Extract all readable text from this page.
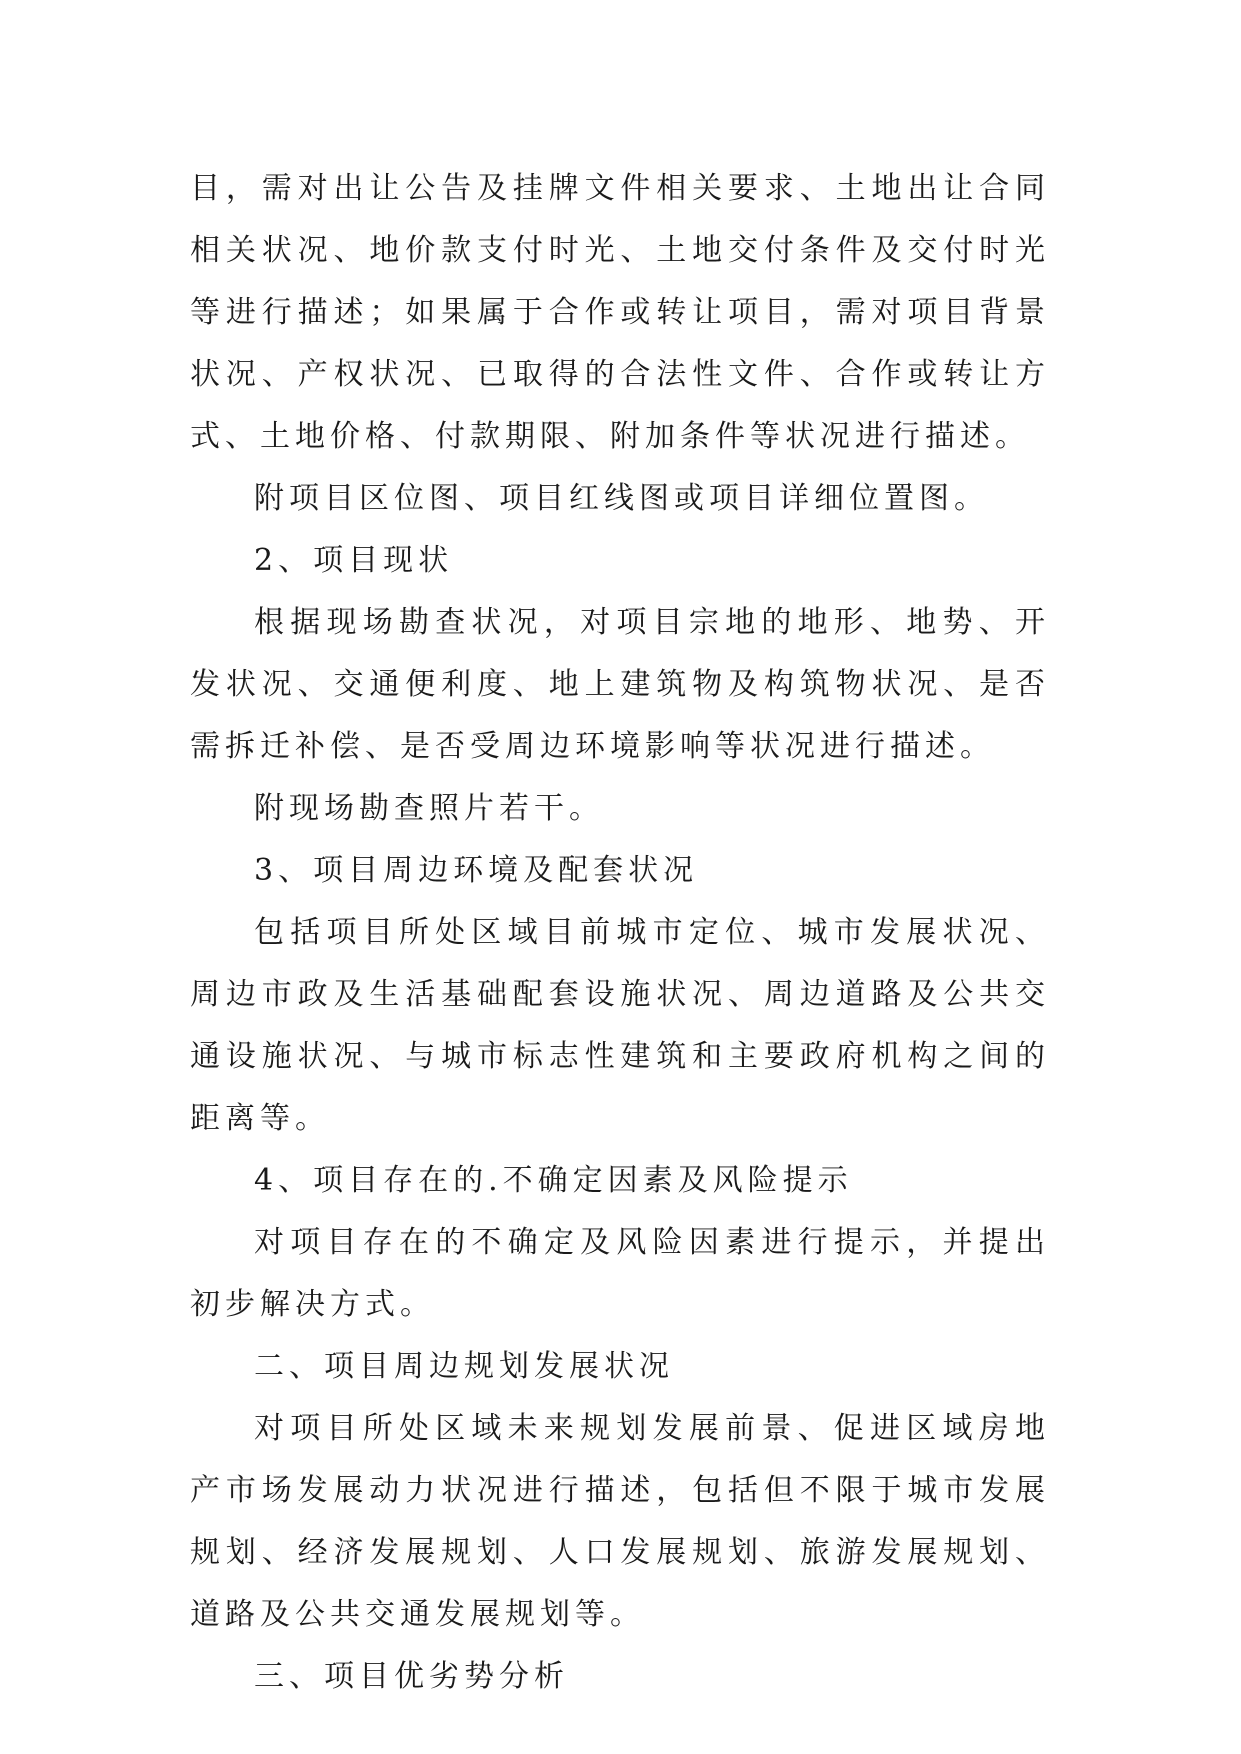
目，需对出让公告及挂牌文件相关要求、土地出让合同相关状况、地价款支付时光、土地交付条件及交付时光等进行描述；如果属于合作或转让项目，需对项目背景状况、产权状况、已取得的合法性文件、合作或转让方式、土地价格、付款期限、附加条件等状况进行描述。

附项目区位图、项目红线图或项目详细位置图。

2、项目现状

根据现场勘查状况，对项目宗地的地形、地势、开发状况、交通便利度、地上建筑物及构筑物状况、是否需拆迁补偿、是否受周边环境影响等状况进行描述。

附现场勘查照片若干。

3、项目周边环境及配套状况

包括项目所处区域目前城市定位、城市发展状况、周边市政及生活基础配套设施状况、周边道路及公共交通设施状况、与城市标志性建筑和主要政府机构之间的距离等。

4、项目存在的.不确定因素及风险提示

对项目存在的不确定及风险因素进行提示，并提出初步解决方式。

二、项目周边规划发展状况

对项目所处区域未来规划发展前景、促进区域房地产市场发展动力状况进行描述，包括但不限于城市发展规划、经济发展规划、人口发展规划、旅游发展规划、道路及公共交通发展规划等。

三、项目优劣势分析
